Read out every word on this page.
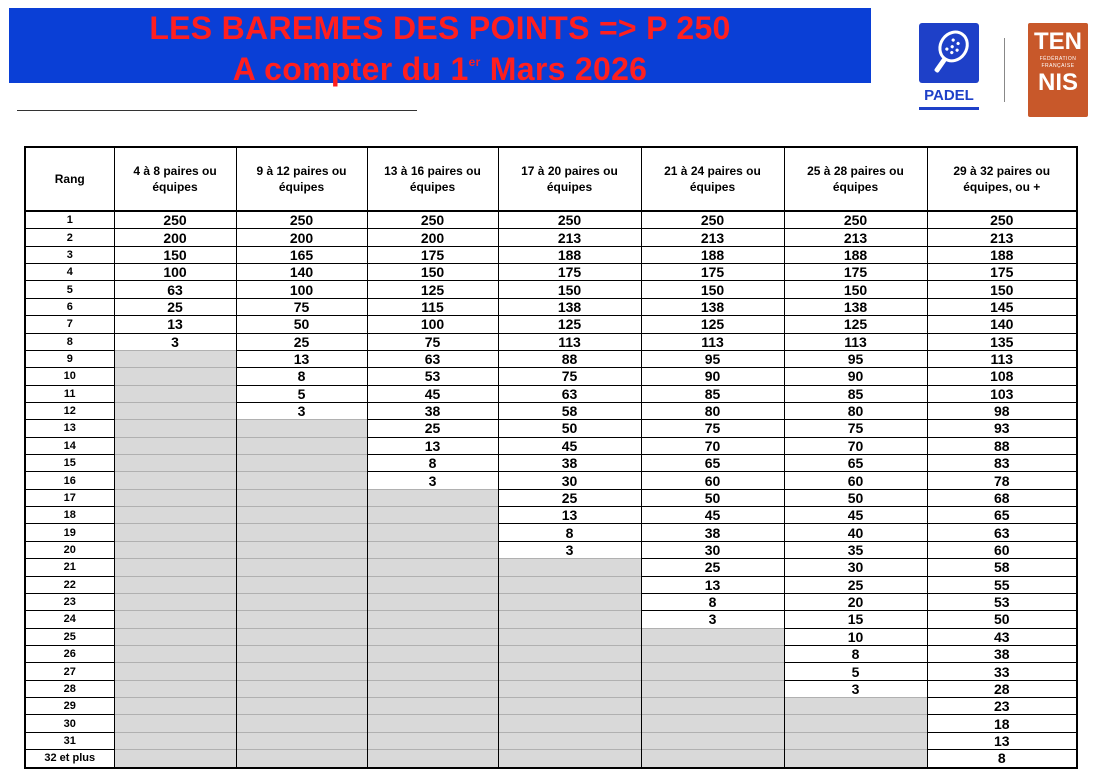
LES BAREMES DES POINTS => P 250
A compter du 1er Mars 2026
PADEL
TEN
FÉDÉRATION
FRANÇAISE
NIS
Rang	4 à 8 paires ou équipes	9 à 12 paires ou équipes	13 à 16 paires ou équipes	17 à 20 paires ou équipes	21 à 24 paires ou équipes	25 à 28 paires ou équipes	29 à 32 paires ou équipes, ou +
1	250	250	250	250	250	250	250
2	200	200	200	213	213	213	213
3	150	165	175	188	188	188	188
4	100	140	150	175	175	175	175
5	63	100	125	150	150	150	150
6	25	75	115	138	138	138	145
7	13	50	100	125	125	125	140
8	3	25	75	113	113	113	135
9		13	63	88	95	95	113
10		8	53	75	90	90	108
11		5	45	63	85	85	103
12		3	38	58	80	80	98
13			25	50	75	75	93
14			13	45	70	70	88
15			8	38	65	65	83
16			3	30	60	60	78
17				25	50	50	68
18				13	45	45	65
19				8	38	40	63
20				3	30	35	60
21					25	30	58
22					13	25	55
23					8	20	53
24					3	15	50
25						10	43
26						8	38
27						5	33
28						3	28
29							23
30							18
31							13
32 et plus							8
